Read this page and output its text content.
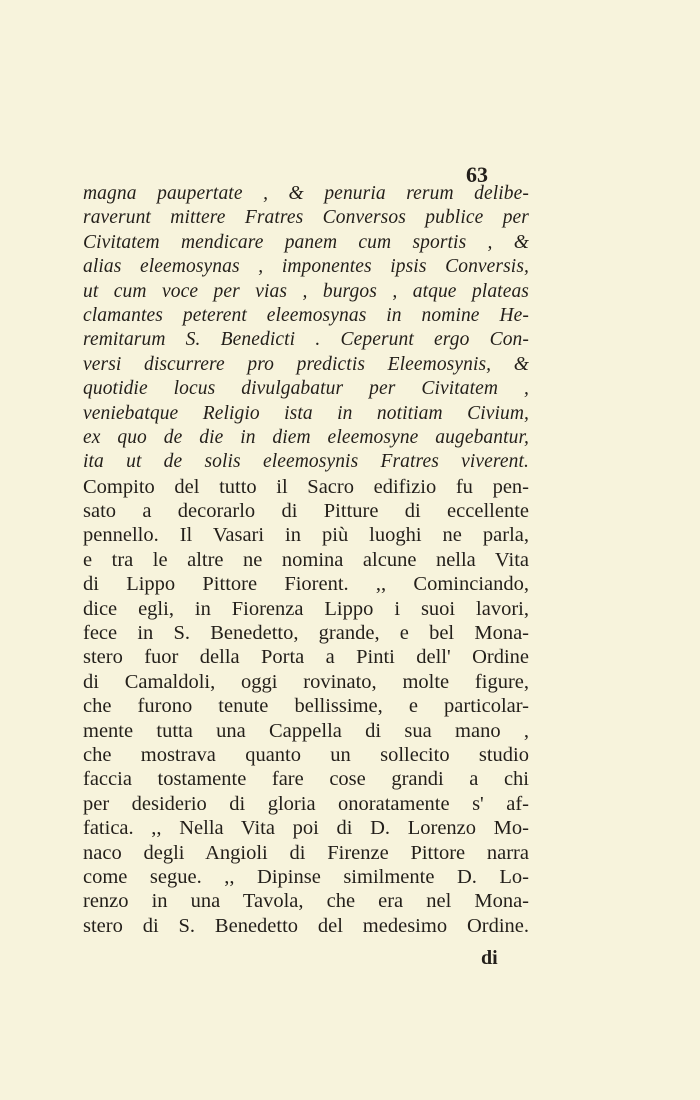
63
magna paupertate , & penuria rerum delibe-
raverunt mittere Fratres Conversos publice per
Civitatem mendicare panem cum sportis , &
alias eleemosynas , imponentes ipsis Conversis,
ut cum voce per vias , burgos , atque plateas
clamantes peterent eleemosynas in nomine He-
remitarum S. Benedicti . Ceperunt ergo Con-
versi discurrere pro predictis Eleemosynis, &
quotidie locus divulgabatur per Civitatem ,
veniebatque Religio ista in notitiam Civium,
ex quo de die in diem eleemosyne augebantur,
ita ut de solis eleemosynis Fratres viverent.
Compito del tutto il Sacro edifizio fu pen-
sato a decorarlo di Pitture di eccellente
pennello. Il Vasari in più luoghi ne parla,
e tra le altre ne nomina alcune nella Vita
di Lippo Pittore Fiorent. ,, Cominciando,
dice egli, in Fiorenza Lippo i suoi lavori,
fece in S. Benedetto, grande, e bel Mona-
stero fuor della Porta a Pinti dell' Ordine
di Camaldoli, oggi rovinato, molte figure,
che furono tenute bellissime, e particolar-
mente tutta una Cappella di sua mano ,
che mostrava quanto un sollecito studio
faccia tostamente fare cose grandi a chi
per desiderio di gloria onoratamente s' af-
fatica. ,, Nella Vita poi di D. Lorenzo Mo-
naco degli Angioli di Firenze Pittore narra
come segue. ,, Dipinse similmente D. Lo-
renzo in una Tavola, che era nel Mona-
stero di S. Benedetto del medesimo Ordine.
di
